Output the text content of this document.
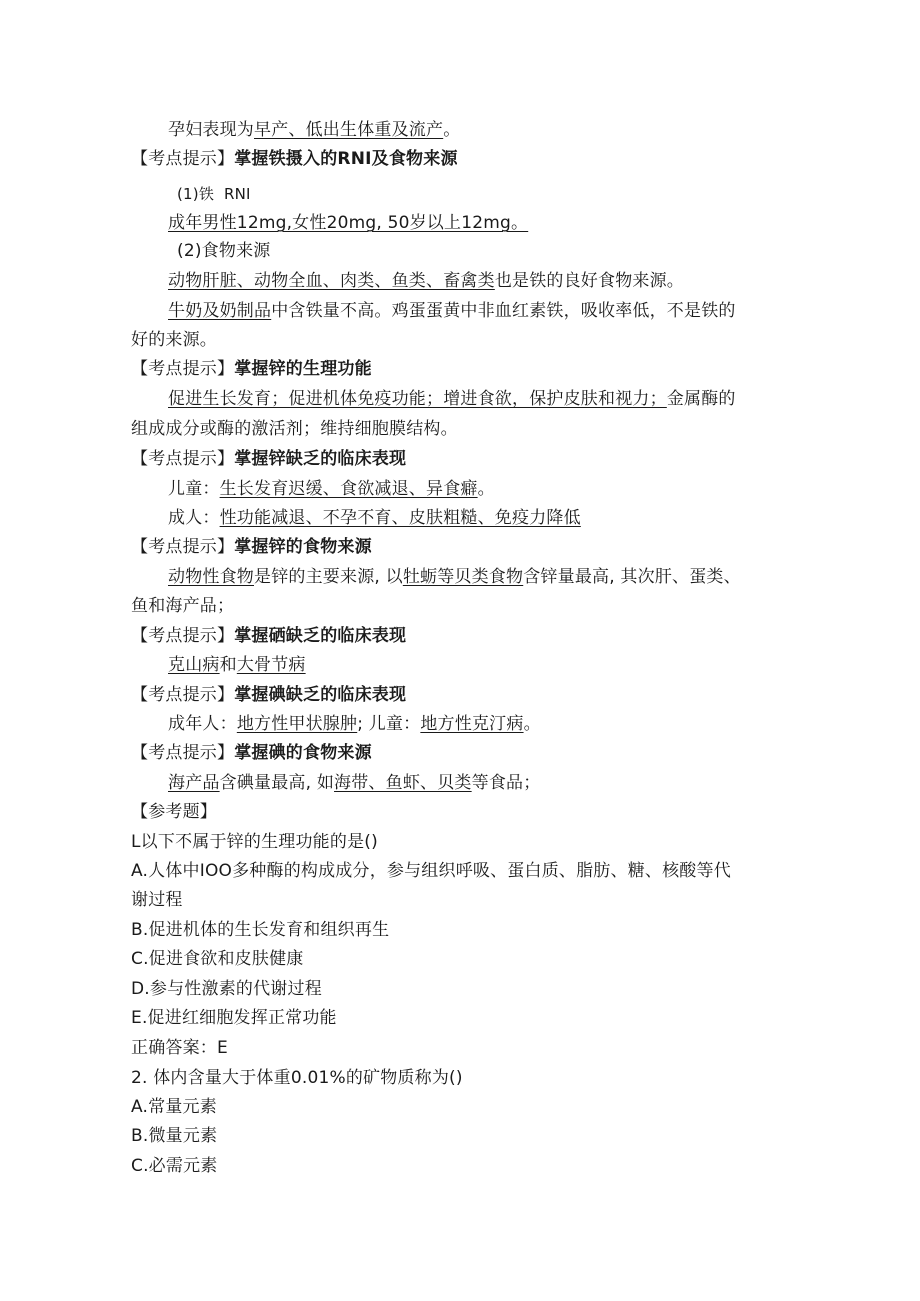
孕妇表现为早产、低出生体重及流产。
【考点提示】掌握铁摄入的RNI及食物来源
(1)铁  RNI
成年男性12mg,女性20mg, 50岁以上12mg。
(2)食物来源
动物肝脏、动物全血、肉类、鱼类、畜禽类也是铁的良好食物来源。
牛奶及奶制品中含铁量不高。鸡蛋蛋黄中非血红素铁，吸收率低，不是铁的
好的来源。
【考点提示】掌握锌的生理功能
促进生长发育；促进机体免疫功能；增进食欲，保护皮肤和视力；金属酶的
组成成分或酶的激活剂；维持细胞膜结构。
【考点提示】掌握锌缺乏的临床表现
儿童：生长发育迟缓、食欲减退、异食癖。
成人：性功能减退、不孕不育、皮肤粗糙、免疫力降低
【考点提示】掌握锌的食物来源
动物性食物是锌的主要来源, 以牡蛎等贝类食物含锌量最高, 其次肝、蛋类、
鱼和海产品；
【考点提示】掌握硒缺乏的临床表现
克山病和大骨节病
【考点提示】掌握碘缺乏的临床表现
成年人：地方性甲状腺肿; 儿童：地方性克汀病。
【考点提示】掌握碘的食物来源
海产品含碘量最高, 如海带、鱼虾、贝类等食品；
【参考题】
L以下不属于锌的生理功能的是()
A.人体中IOO多种酶的构成成分，参与组织呼吸、蛋白质、脂肪、糖、核酸等代
谢过程
B.促进机体的生长发育和组织再生
C.促进食欲和皮肤健康
D.参与性激素的代谢过程
E.促进红细胞发挥正常功能
正确答案：E
2. 体内含量大于体重0.01%的矿物质称为()
A.常量元素
B.微量元素
C.必需元素
